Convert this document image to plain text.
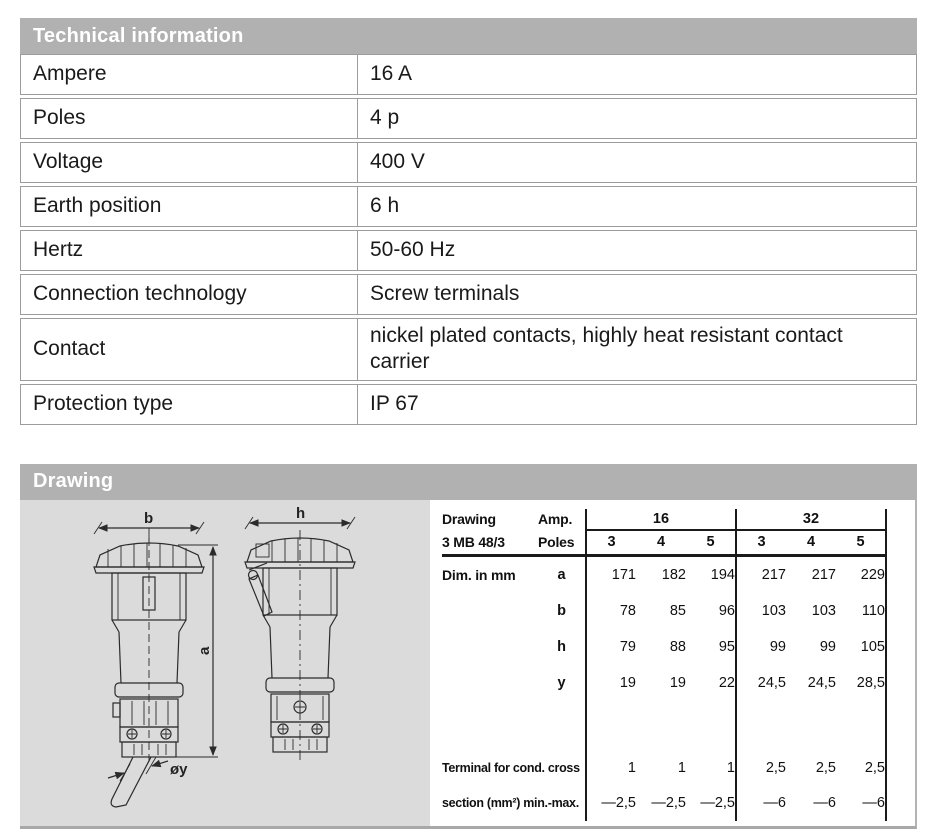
Technical information
Ampere	16 A
Poles	4 p
Voltage	400 V
Earth position	6 h
Hertz	50-60 Hz
Connection technology	Screw terminals
Contact	nickel plated contacts, highly heat resistant contact carrier
Protection type	IP 67
Drawing
b
a
øy
h	Drawing	Amp.	16			32		
3 MB 48/3	Poles	3	4	5	3	4	5
Dim. in mm	a	171	182	194	217	217	229
	b	78	85	96	103	103	110
	h	79	88	95	99	99	105
	y	19	19	22	24,5	24,5	28,5

Terminal for cond. cross		1	1	1	2,5	2,5	2,5
section (mm²) min.-max.		—2,5	—2,5	—2,5	—6	—6	—6
